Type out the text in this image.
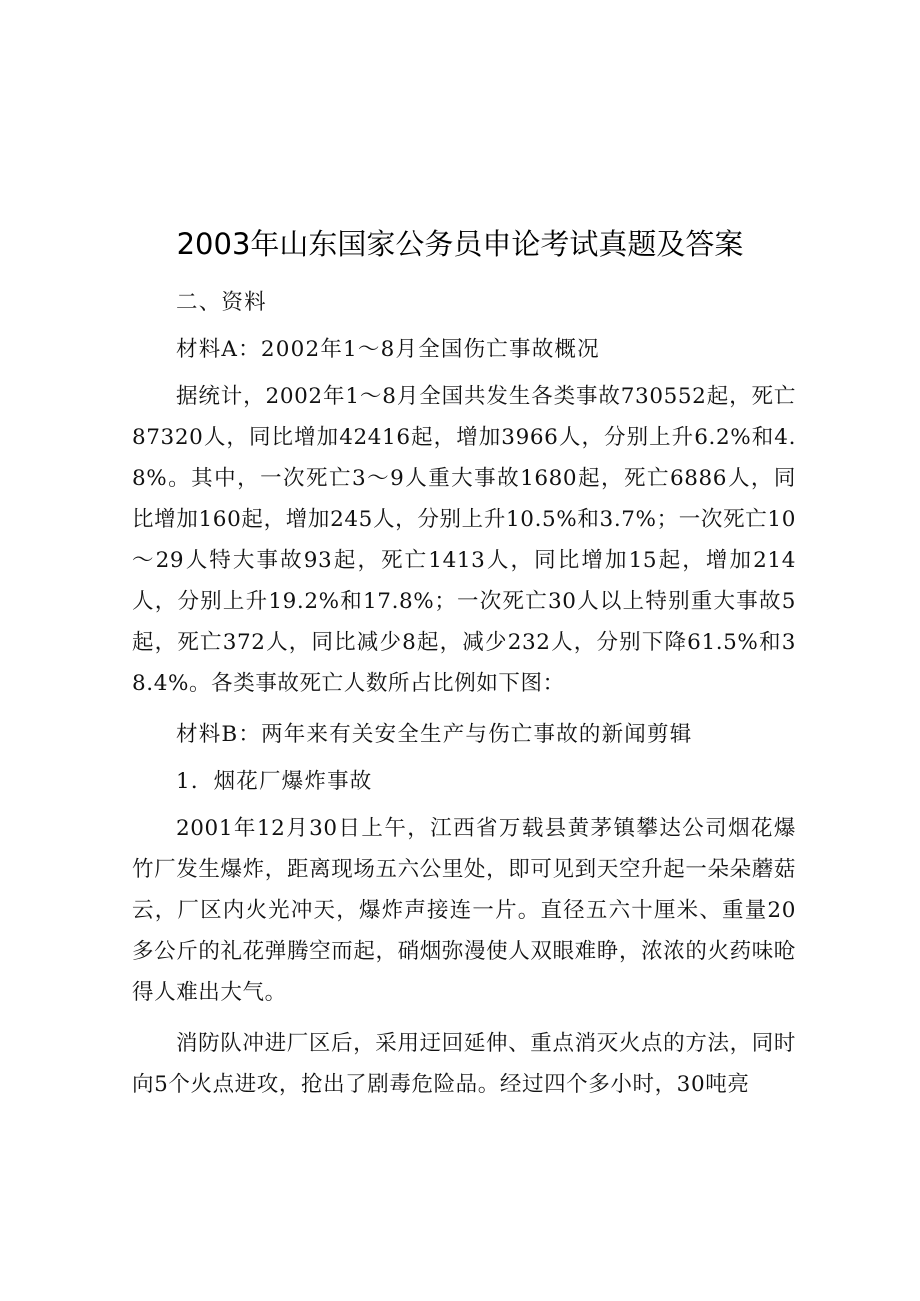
2003年山东国家公务员申论考试真题及答案

二、资料

材料A：2002年1～8月全国伤亡事故概况

据统计，2002年1～8月全国共发生各类事故730552起，死亡87320人，同比增加42416起，增加3966人，分别上升6.2%和4.8%。其中，一次死亡3～9人重大事故1680起，死亡6886人，同比增加160起，增加245人，分别上升10.5%和3.7%；一次死亡10～29人特大事故93起，死亡1413人，同比增加15起，增加214人，分别上升19.2%和17.8%；一次死亡30人以上特别重大事故5起，死亡372人，同比减少8起，减少232人，分别下降61.5%和38.4%。各类事故死亡人数所占比例如下图：

材料B：两年来有关安全生产与伤亡事故的新闻剪辑

1．烟花厂爆炸事故

2001年12月30日上午，江西省万载县黄茅镇攀达公司烟花爆竹厂发生爆炸，距离现场五六公里处，即可见到天空升起一朵朵蘑菇云，厂区内火光冲天，爆炸声接连一片。直径五六十厘米、重量20多公斤的礼花弹腾空而起，硝烟弥漫使人双眼难睁，浓浓的火药味呛得人难出大气。

消防队冲进厂区后，采用迂回延伸、重点消灭火点的方法，同时向5个火点进攻，抢出了剧毒危险品。经过四个多小时，30吨亮
